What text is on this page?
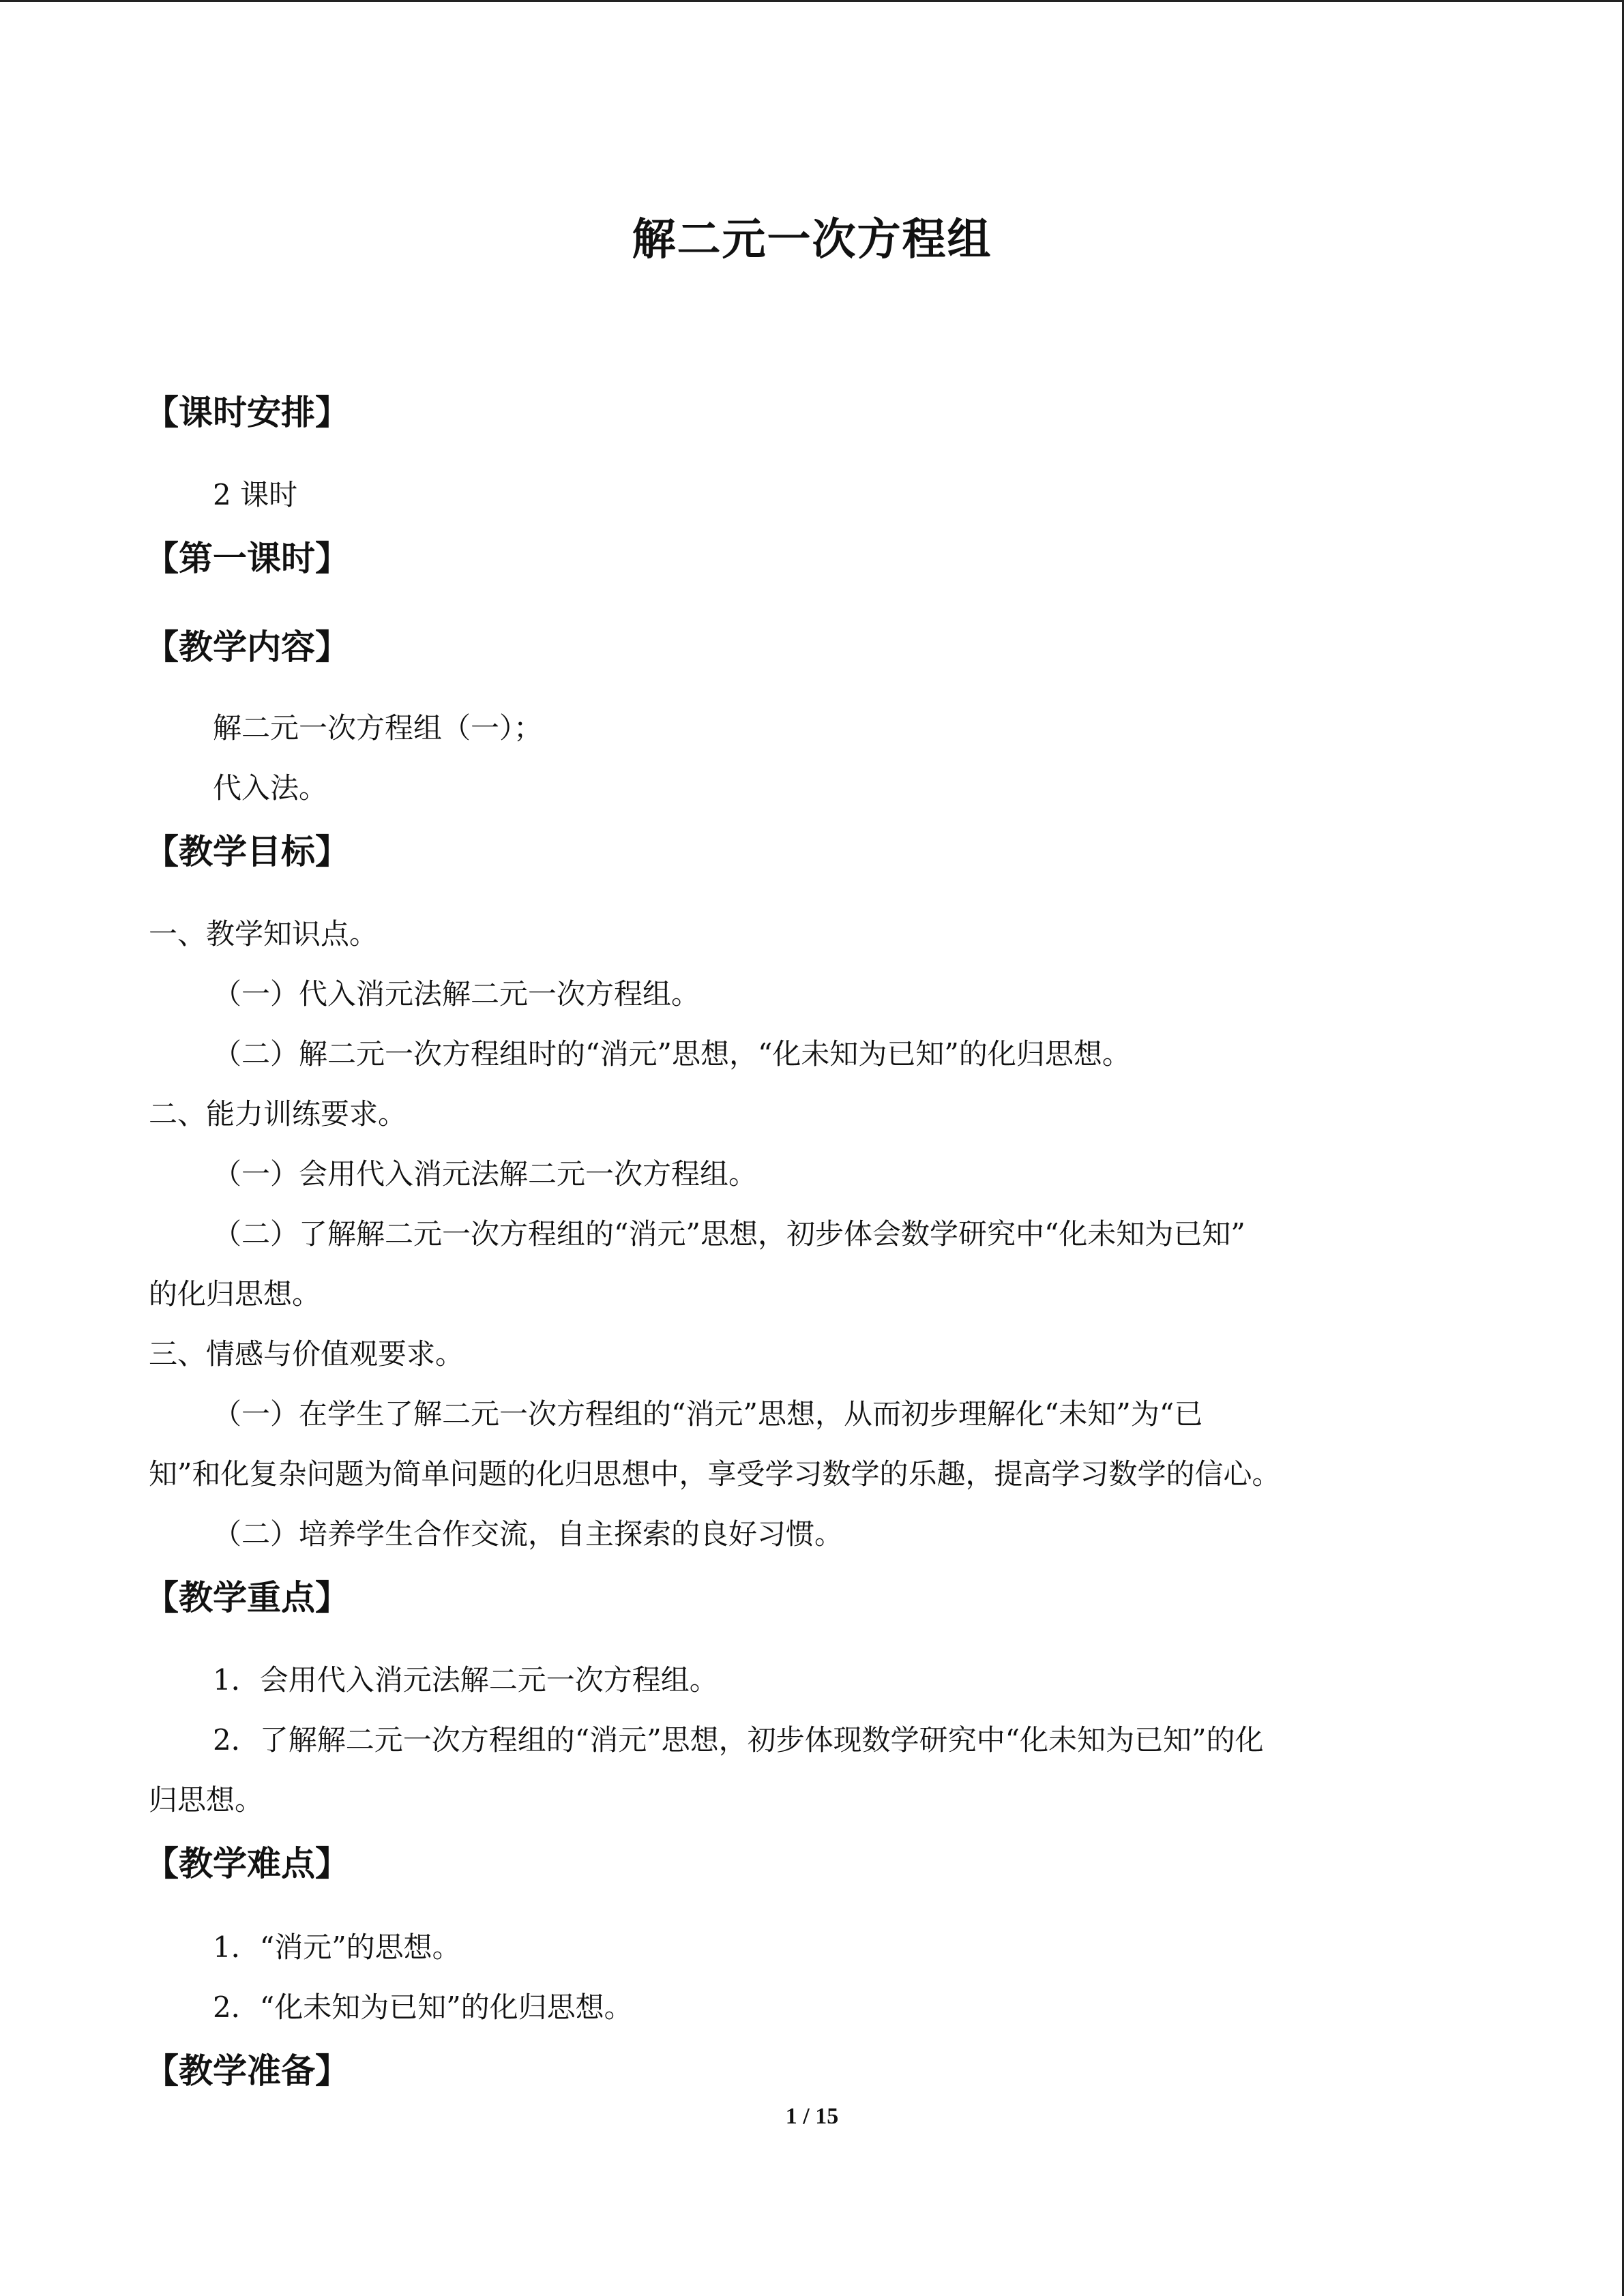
解二元一次方程组
【课时安排】
2 课时
【第一课时】
【教学内容】
解二元一次方程组（一）；
代入法。
【教学目标】
一、教学知识点。
（一）代入消元法解二元一次方程组。
（二）解二元一次方程组时的“消元”思想，“化未知为已知”的化归思想。
二、能力训练要求。
（一）会用代入消元法解二元一次方程组。
（二）了解解二元一次方程组的“消元”思想，初步体会数学研究中“化未知为已知”
的化归思想。
三、情感与价值观要求。
（一）在学生了解二元一次方程组的“消元”思想，从而初步理解化“未知”为“已
知”和化复杂问题为简单问题的化归思想中，享受学习数学的乐趣，提高学习数学的信心。
（二）培养学生合作交流，自主探索的良好习惯。
【教学重点】
1．会用代入消元法解二元一次方程组。
2．了解解二元一次方程组的“消元”思想，初步体现数学研究中“化未知为已知”的化
归思想。
【教学难点】
1．“消元”的思想。
2．“化未知为已知”的化归思想。
【教学准备】
1 / 15
